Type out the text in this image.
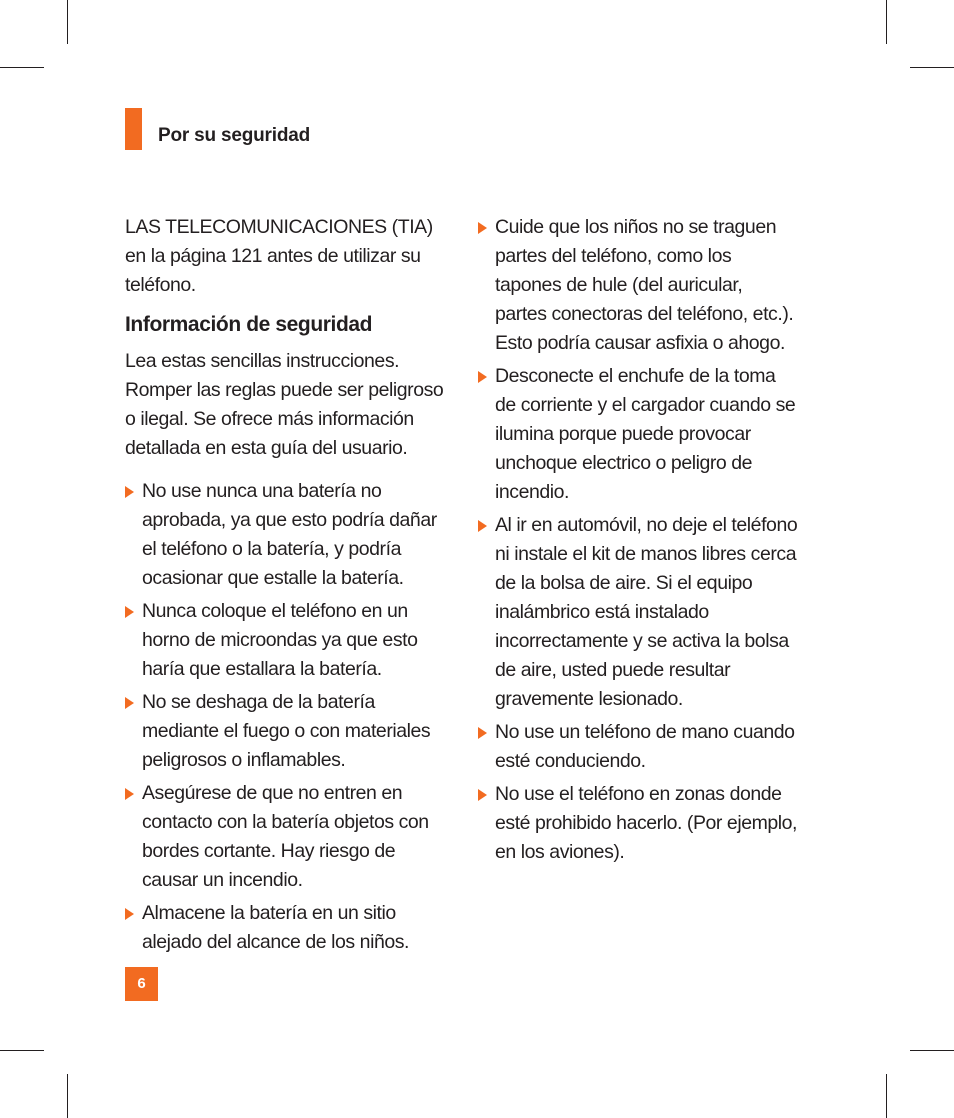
Por su seguridad

LAS TELECOMUNICACIONES (TIA) en la página 121 antes de utilizar su teléfono.

Información de seguridad

Lea estas sencillas instrucciones. Romper las reglas puede ser peligroso o ilegal. Se ofrece más información detallada en esta guía del usuario.

No use nunca una batería no aprobada, ya que esto podría dañar el teléfono o la batería, y podría ocasionar que estalle la batería.
Nunca coloque el teléfono en un horno de microondas ya que esto haría que estallara la batería.
No se deshaga de la batería mediante el fuego o con materiales peligrosos o inflamables.
Asegúrese de que no entren en contacto con la batería objetos con bordes cortante. Hay riesgo de causar un incendio.
Almacene la batería en un sitio alejado del alcance de los niños.
Cuide que los niños no se traguen partes del teléfono, como los tapones de hule (del auricular, partes conectoras del teléfono, etc.). Esto podría causar asfixia o ahogo.
Desconecte el enchufe de la toma de corriente y el cargador cuando se ilumina porque puede provocar unchoque electrico o peligro de incendio.
Al ir en automóvil, no deje el teléfono ni instale el kit de manos libres cerca de la bolsa de aire. Si el equipo inalámbrico está instalado incorrectamente y se activa la bolsa de aire, usted puede resultar gravemente lesionado.
No use un teléfono de mano cuando esté conduciendo.
No use el teléfono en zonas donde esté prohibido hacerlo. (Por ejemplo, en los aviones).
6
